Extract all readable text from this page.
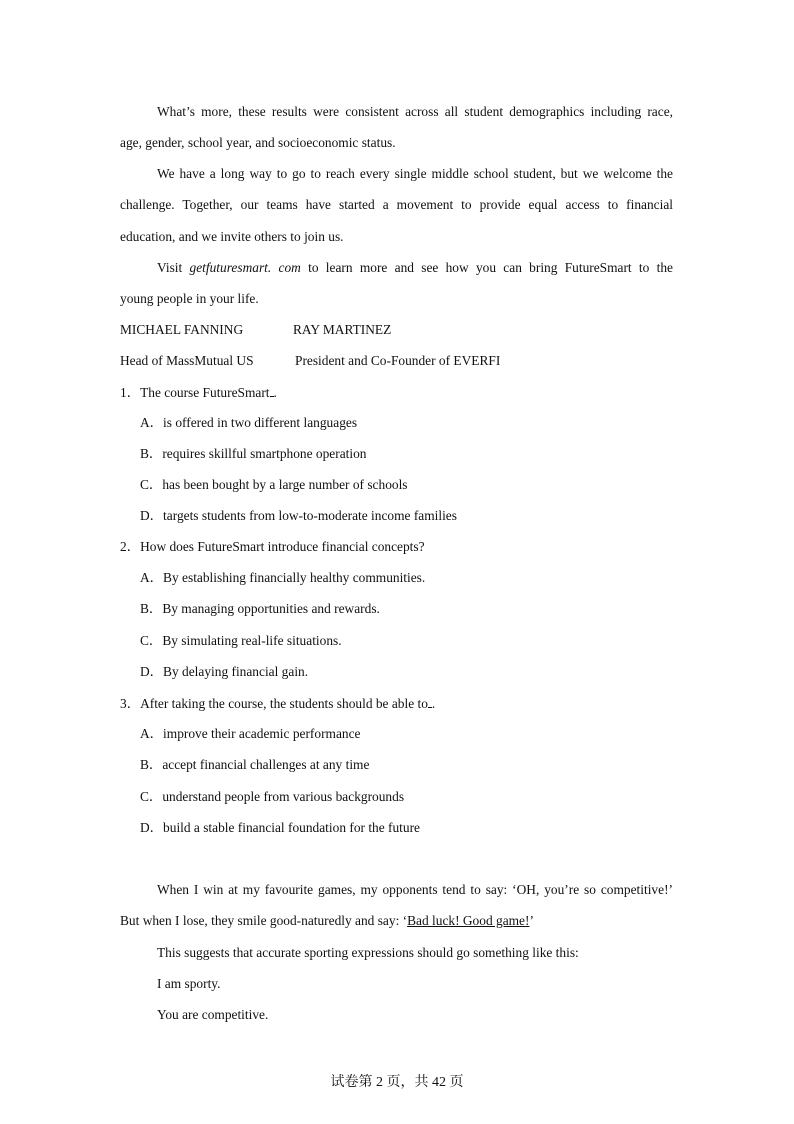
What’s more, these results were consistent across all student demographics including race,
age, gender, school year, and socioeconomic status.
We have a long way to go to reach every single middle school student, but we welcome the
challenge. Together, our teams have started a movement to provide equal access to financial
education, and we invite others to join us.
Visit getfuturesmart. com to learn more and see how you can bring FutureSmart to the
young people in your life.
MICHAEL FANNING	RAY MARTINEZ
Head of MassMutual US	President and Co-Founder of EVERFI
1．The course FutureSmart .
A．is offered in two different languages
B．requires skillful smartphone operation
C．has been bought by a large number of schools
D．targets students from low-to-moderate income families
2．How does FutureSmart introduce financial concepts?
A．By establishing financially healthy communities.
B．By managing opportunities and rewards.
C．By simulating real-life situations.
D．By delaying financial gain.
3．After taking the course, the students should be able to .
A．improve their academic performance
B．accept financial challenges at any time
C．understand people from various backgrounds
D．build a stable financial foundation for the future
When I win at my favourite games, my opponents tend to say: ‘OH, you’re so competitive!’
But when I lose, they smile good-naturedly and say: ‘Bad luck! Good game!’
This suggests that accurate sporting expressions should go something like this:
I am sporty.
You are competitive.
试卷第 2 页，共 42 页
